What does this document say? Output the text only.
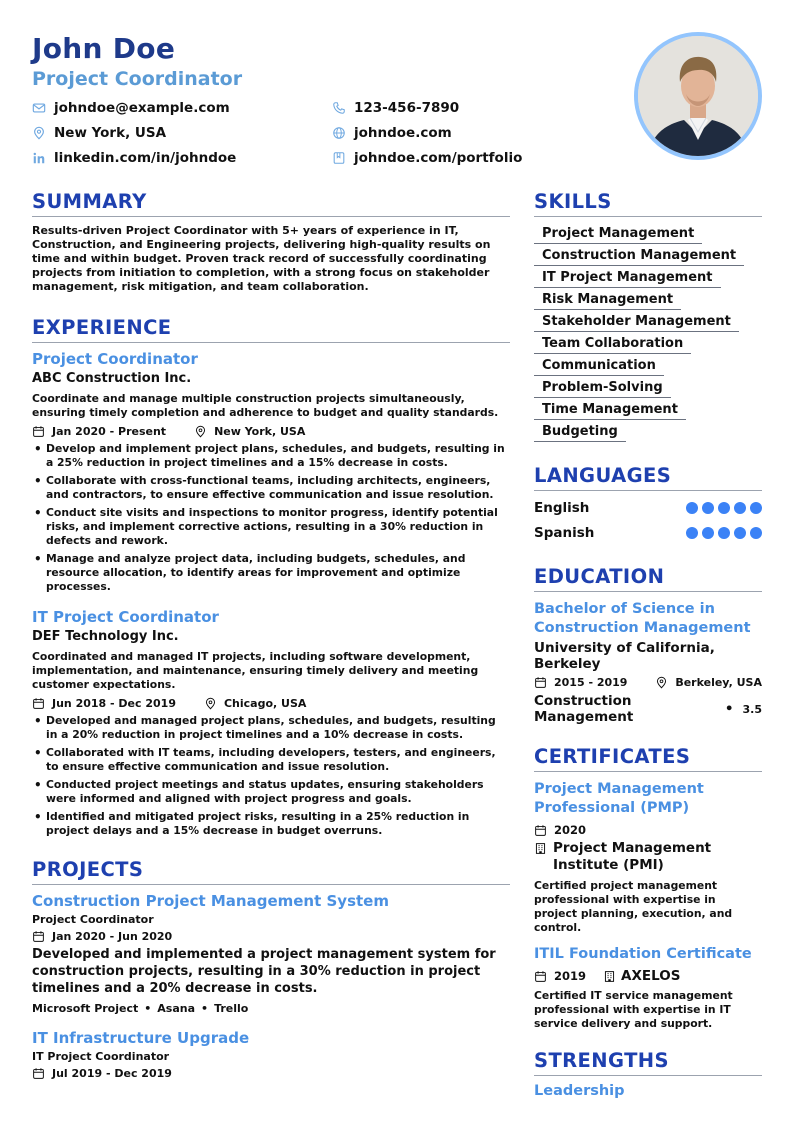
John Doe
Project Coordinator
johndoe@example.com	123-456-7890
New York, USA	johndoe.com
linkedin.com/in/johndoe	johndoe.com/portfolio
SUMMARY
Results-driven Project Coordinator with 5+ years of experience in IT, Construction, and Engineering projects, delivering high-quality results on time and within budget. Proven track record of successfully coordinating projects from initiation to completion, with a strong focus on stakeholder management, risk mitigation, and team collaboration.
EXPERIENCE
Project Coordinator
ABC Construction Inc.
Coordinate and manage multiple construction projects simultaneously, ensuring timely completion and adherence to budget and quality standards.
Jan 2020 - Present	New York, USA
• Develop and implement project plans, schedules, and budgets, resulting in a 25% reduction in project timelines and a 15% decrease in costs.
• Collaborate with cross-functional teams, including architects, engineers, and contractors, to ensure effective communication and issue resolution.
• Conduct site visits and inspections to monitor progress, identify potential risks, and implement corrective actions, resulting in a 30% reduction in defects and rework.
• Manage and analyze project data, including budgets, schedules, and resource allocation, to identify areas for improvement and optimize processes.
IT Project Coordinator
DEF Technology Inc.
Coordinated and managed IT projects, including software development, implementation, and maintenance, ensuring timely delivery and meeting customer expectations.
Jun 2018 - Dec 2019	Chicago, USA
• Developed and managed project plans, schedules, and budgets, resulting in a 20% reduction in project timelines and a 10% decrease in costs.
• Collaborated with IT teams, including developers, testers, and engineers, to ensure effective communication and issue resolution.
• Conducted project meetings and status updates, ensuring stakeholders were informed and aligned with project progress and goals.
• Identified and mitigated project risks, resulting in a 25% reduction in project delays and a 15% decrease in budget overruns.
PROJECTS
Construction Project Management System
Project Coordinator
Jan 2020 - Jun 2020
Developed and implemented a project management system for construction projects, resulting in a 30% reduction in project timelines and a 20% decrease in costs.
Microsoft Project • Asana • Trello
IT Infrastructure Upgrade
IT Project Coordinator
Jul 2019 - Dec 2019
SKILLS
Project Management
Construction Management
IT Project Management
Risk Management
Stakeholder Management
Team Collaboration
Communication
Problem-Solving
Time Management
Budgeting
LANGUAGES
English
Spanish
EDUCATION
Bachelor of Science in Construction Management
University of California, Berkeley
2015 - 2019	Berkeley, USA
Construction Management	• 3.5
CERTIFICATES
Project Management Professional (PMP)
2020
Project Management Institute (PMI)
Certified project management professional with expertise in project planning, execution, and control.
ITIL Foundation Certificate
2019	AXELOS
Certified IT service management professional with expertise in IT service delivery and support.
STRENGTHS
Leadership
